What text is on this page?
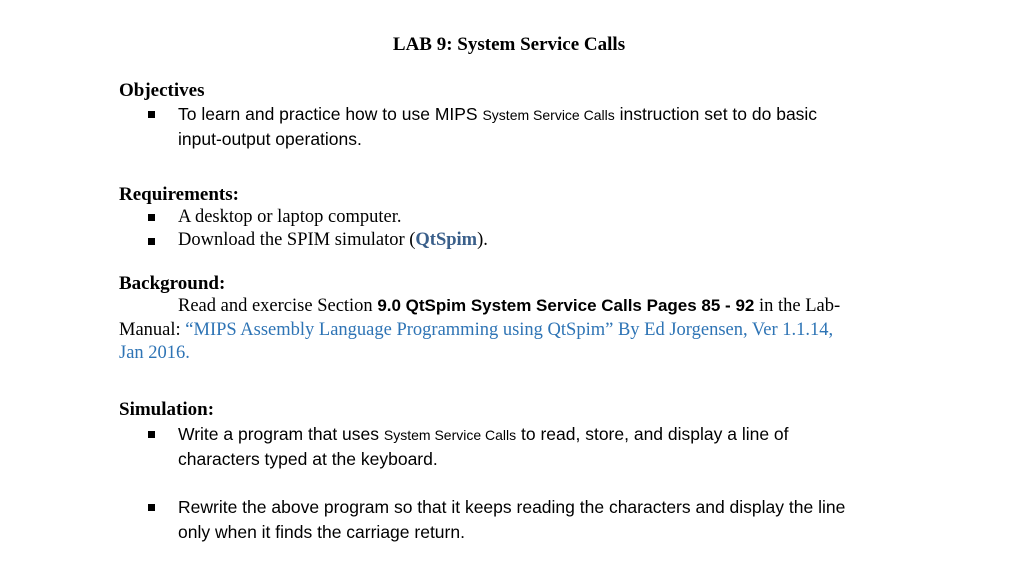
LAB 9: System Service Calls
Objectives
To learn and practice how to use MIPS System Service Calls instruction set to do basic
input-output operations.
Requirements:
A desktop or laptop computer.
Download the SPIM simulator (QtSpim).
Background:
Read and exercise Section 9.0 QtSpim System Service Calls Pages 85 - 92 in the Lab-
Manual: “MIPS Assembly Language Programming using QtSpim” By Ed Jorgensen, Ver 1.1.14,
Jan 2016.
Simulation:
Write a program that uses System Service Calls to read, store, and display a line of
characters typed at the keyboard.
Rewrite the above program so that it keeps reading the characters and display the line
only when it finds the carriage return.
